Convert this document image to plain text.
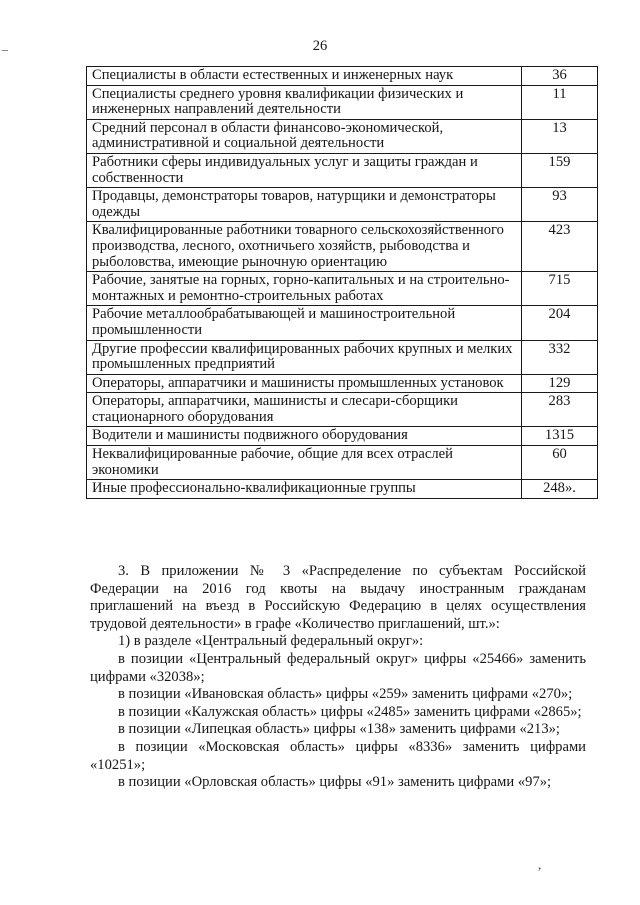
26
Специалисты в области естественных и инженерных наук	36
Специалисты среднего уровня квалификации физических и инженерных направлений деятельности	11
Средний персонал в области финансово-экономической, административной и социальной деятельности	13
Работники сферы индивидуальных услуг и защиты граждан и собственности	159
Продавцы, демонстраторы товаров, натурщики и демонстраторы одежды	93
Квалифицированные работники товарного сельскохозяйственного производства, лесного, охотничьего хозяйств, рыбоводства и рыболовства, имеющие рыночную ориентацию	423
Рабочие, занятые на горных, горно-капитальных и на строительно-монтажных и ремонтно-строительных работах	715
Рабочие металлообрабатывающей и машиностроительной промышленности	204
Другие профессии квалифицированных рабочих крупных и мелких промышленных предприятий	332
Операторы, аппаратчики и машинисты промышленных установок	129
Операторы, аппаратчики, машинисты и слесари-сборщики стационарного оборудования	283
Водители и машинисты подвижного оборудования	1315
Неквалифицированные рабочие, общие для всех отраслей экономики	60
Иные профессионально-квалификационные группы	248».

3. В приложении № 3 «Распределение по субъектам Российской Федерации на 2016 год квоты на выдачу иностранным гражданам приглашений на въезд в Российскую Федерацию в целях осуществления трудовой деятельности» в графе «Количество приглашений, шт.»:

1) в разделе «Центральный федеральный округ»:

в позиции «Центральный федеральный округ» цифры «25466» заменить цифрами «32038»;

в позиции «Ивановская область» цифры «259» заменить цифрами «270»;

в позиции «Калужская область» цифры «2485» заменить цифрами «2865»;

в позиции «Липецкая область» цифры «138» заменить цифрами «213»;

в позиции «Московская область» цифры «8336» заменить цифрами «10251»;

в позиции «Орловская область» цифры «91» заменить цифрами «97»;

,
